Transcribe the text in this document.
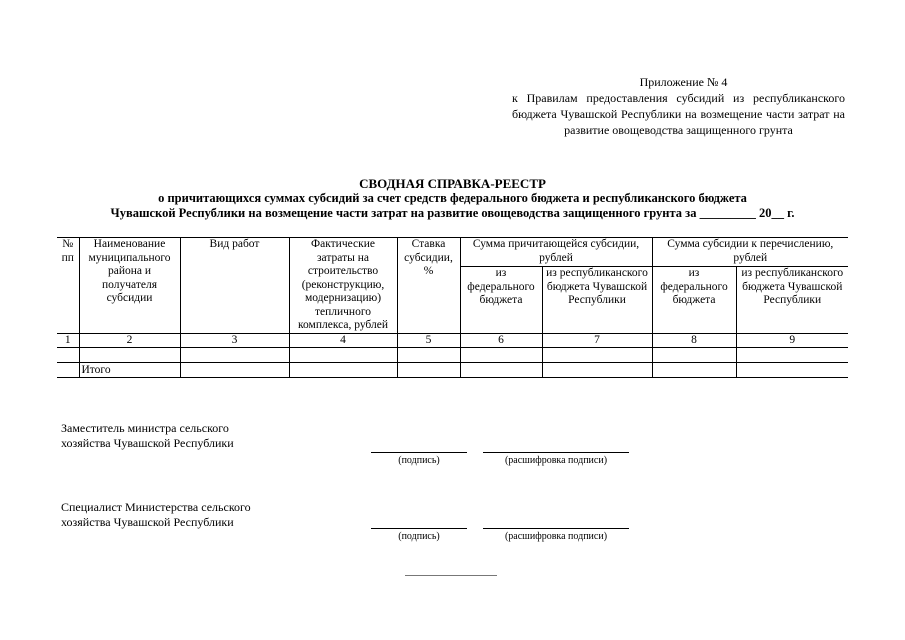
Приложение № 4
к Правилам предоставления субсидий из республиканского бюджета Чувашской Республики на возмещение части затрат на развитие овощеводства защищенного грунта
СВОДНАЯ СПРАВКА-РЕЕСТР
о причитающихся суммах субсидий за счет средств федерального бюджета и республиканского бюджета
Чувашской Республики на возмещение части затрат на развитие овощеводства защищенного грунта за _________ 20__ г.
№ пп	Наименование муниципального района и получателя субсидии	Вид работ	Фактические затраты на строительство (реконструкцию, модернизацию) тепличного комплекса, рублей	Ставка субсидии, %	Сумма причитающейся субсидии, рублей		Сумма субсидии к перечислению, рублей	
					из федерального бюджета	из республиканского бюджета Чувашской Республики	из федерального бюджета	из республиканского бюджета Чувашской Республики
1	2	3	4	5	6	7	8	9

	Итого							
Заместитель министра сельского хозяйства Чувашской Республики
(подпись)	(расшифровка подписи)
Специалист Министерства сельского хозяйства Чувашской Республики
(подпись)	(расшифровка подписи)
